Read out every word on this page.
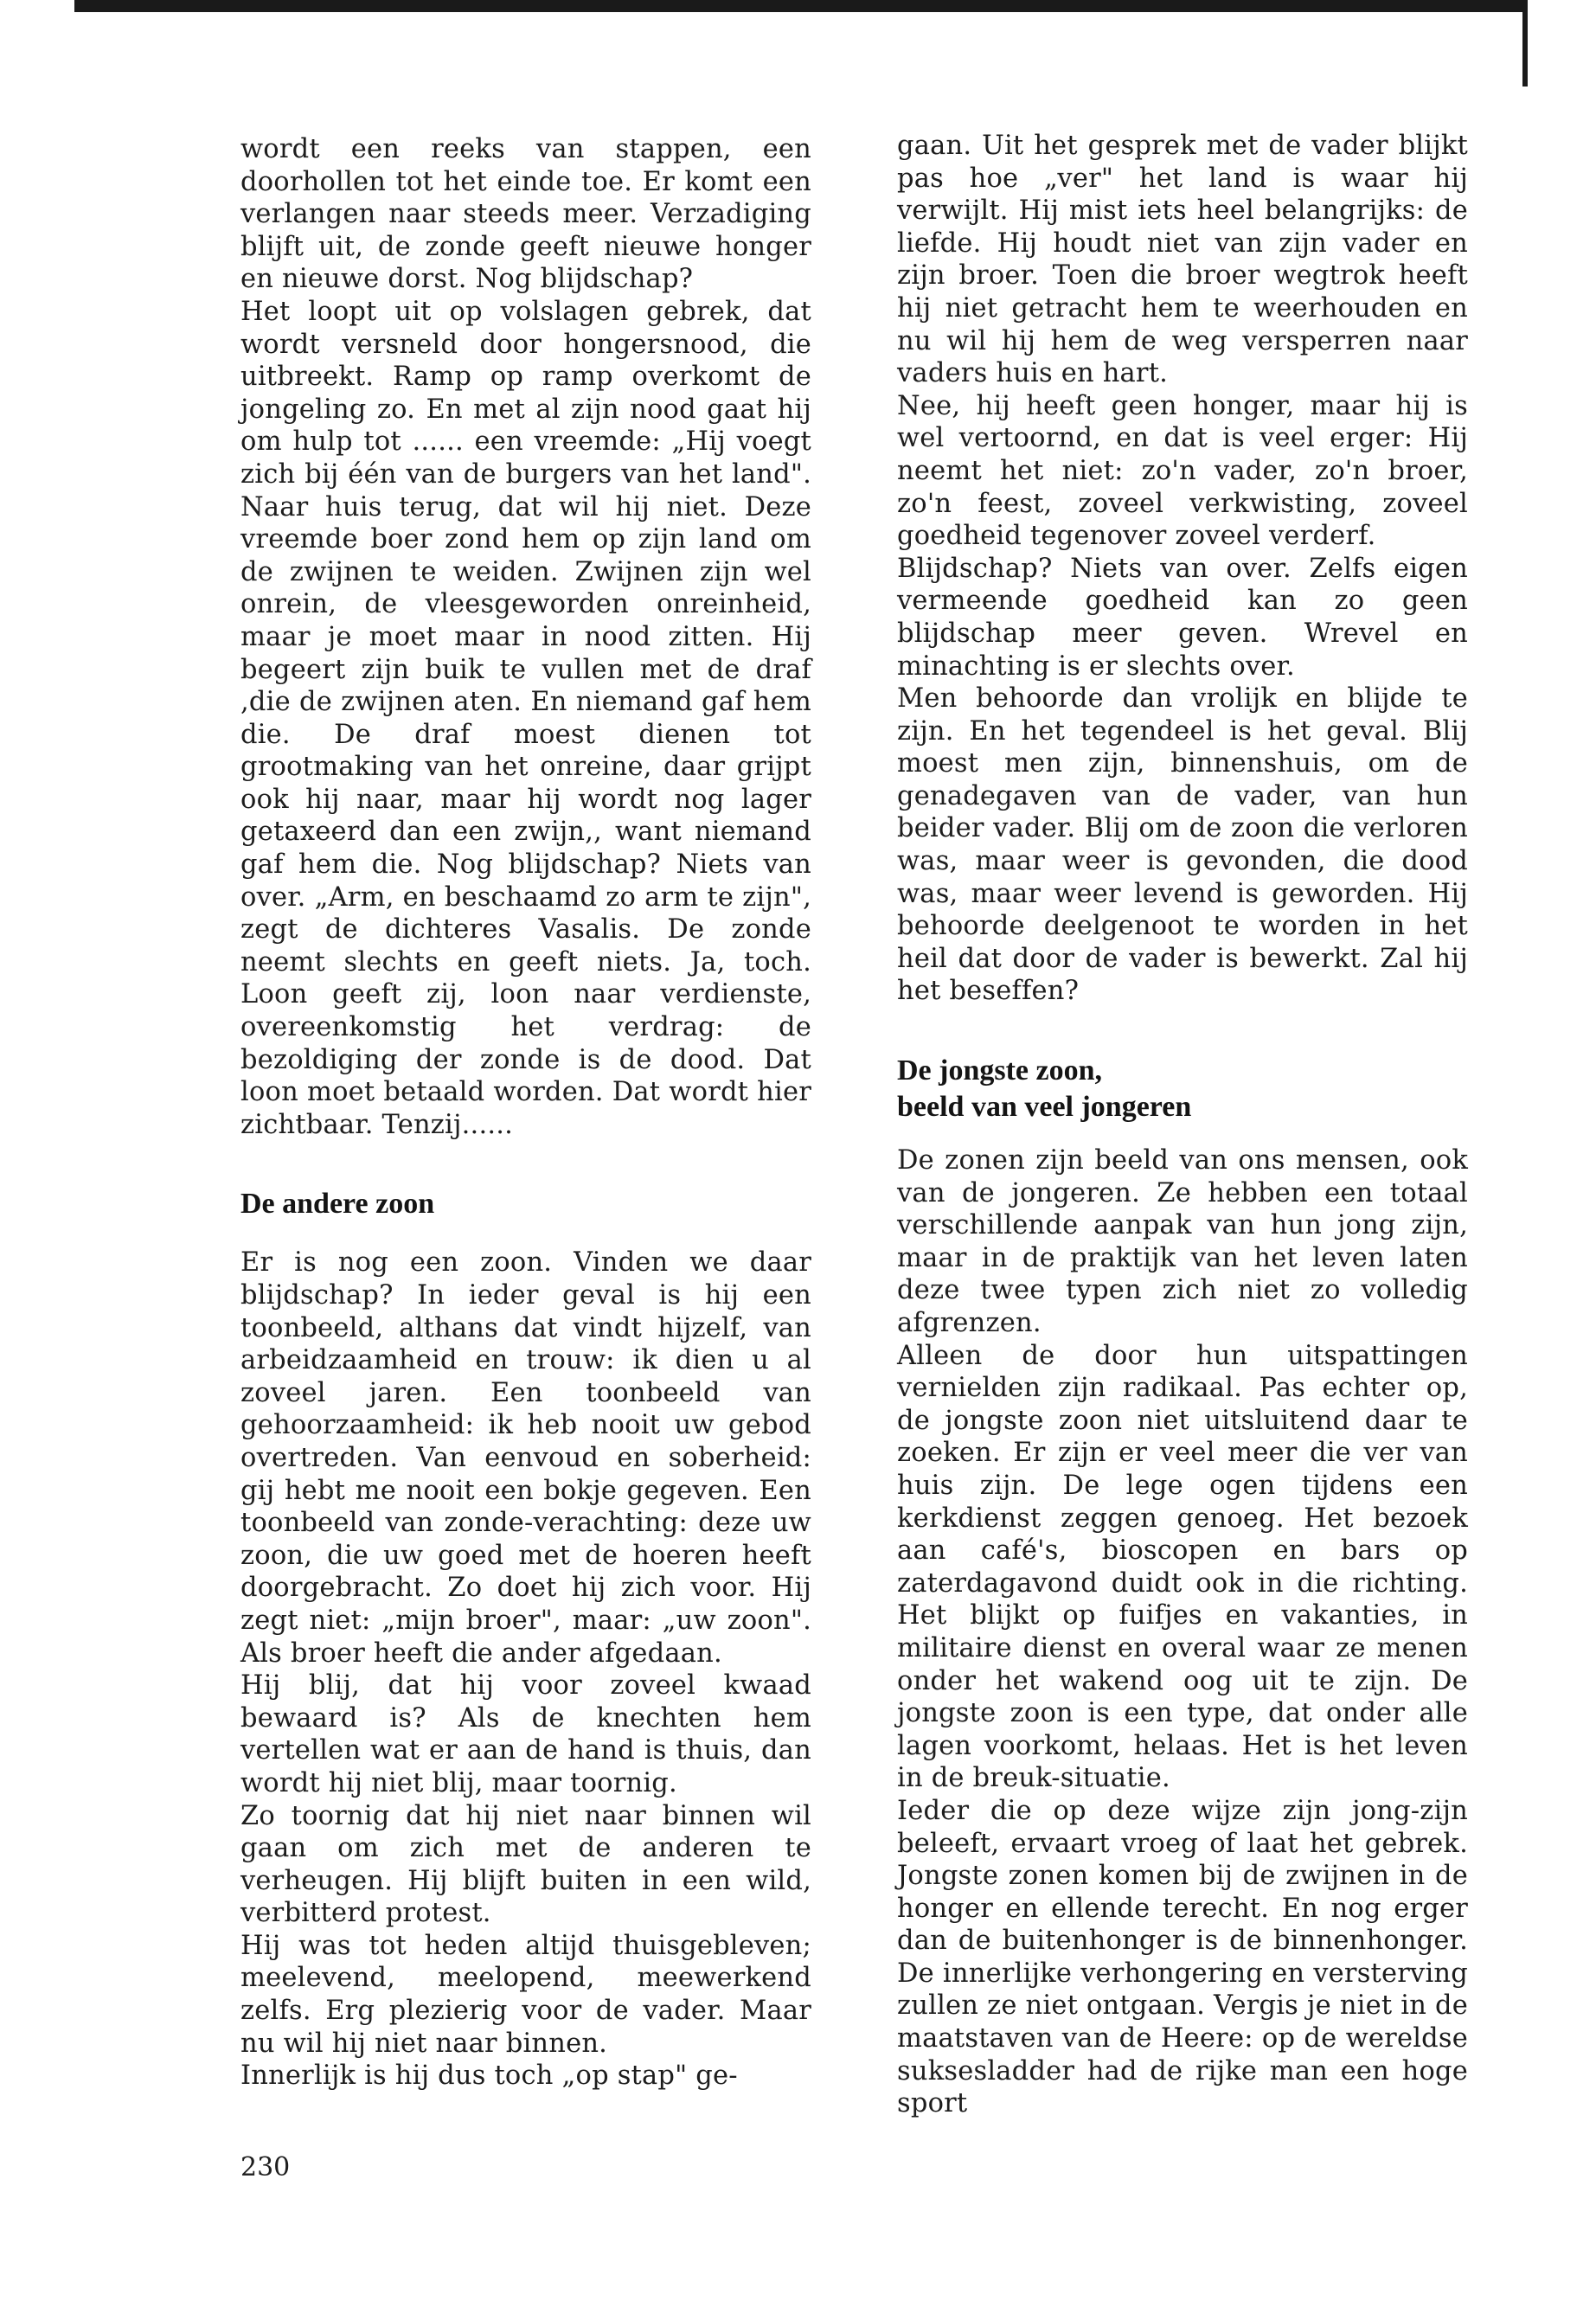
wordt een reeks van stappen, een doorhollen tot het einde toe. Er komt een verlangen naar steeds meer. Verzadiging blijft uit, de zonde geeft nieuwe honger en nieuwe dorst. Nog blijdschap?

Het loopt uit op volslagen gebrek, dat wordt versneld door hongersnood, die uitbreekt. Ramp op ramp overkomt de jongeling zo. En met al zijn nood gaat hij om hulp tot ...... een vreemde: „Hij voegt zich bij één van de burgers van het land". Naar huis terug, dat wil hij niet. Deze vreemde boer zond hem op zijn land om de zwijnen te weiden. Zwijnen zijn wel onrein, de vleesgeworden onreinheid, maar je moet maar in nood zitten. Hij begeert zijn buik te vullen met de draf ,die de zwijnen aten. En niemand gaf hem die. De draf moest dienen tot grootmaking van het onreine, daar grijpt ook hij naar, maar hij wordt nog lager getaxeerd dan een zwijn,, want niemand gaf hem die. Nog blijdschap? Niets van over. „Arm, en beschaamd zo arm te zijn", zegt de dichteres Vasalis. De zonde neemt slechts en geeft niets. Ja, toch. Loon geeft zij, loon naar verdienste, overeenkomstig het verdrag: de bezoldiging der zonde is de dood. Dat loon moet betaald worden. Dat wordt hier zichtbaar. Tenzij......

De andere zoon

Er is nog een zoon. Vinden we daar blijdschap? In ieder geval is hij een toonbeeld, althans dat vindt hijzelf, van arbeidzaamheid en trouw: ik dien u al zoveel jaren. Een toonbeeld van gehoorzaamheid: ik heb nooit uw gebod overtreden. Van eenvoud en soberheid: gij hebt me nooit een bokje gegeven. Een toonbeeld van zonde-verachting: deze uw zoon, die uw goed met de hoeren heeft doorgebracht. Zo doet hij zich voor. Hij zegt niet: „mijn broer", maar: „uw zoon". Als broer heeft die ander afgedaan.

Hij blij, dat hij voor zoveel kwaad bewaard is? Als de knechten hem vertellen wat er aan de hand is thuis, dan wordt hij niet blij, maar toornig.

Zo toornig dat hij niet naar binnen wil gaan om zich met de anderen te verheugen. Hij blijft buiten in een wild, verbitterd protest.

Hij was tot heden altijd thuisgebleven; meelevend, meelopend, meewerkend zelfs. Erg plezierig voor de vader. Maar nu wil hij niet naar binnen.

Innerlijk is hij dus toch „op stap" ge-

gaan. Uit het gesprek met de vader blijkt pas hoe „ver" het land is waar hij verwijlt. Hij mist iets heel belangrijks: de liefde. Hij houdt niet van zijn vader en zijn broer. Toen die broer wegtrok heeft hij niet getracht hem te weerhouden en nu wil hij hem de weg versperren naar vaders huis en hart.

Nee, hij heeft geen honger, maar hij is wel vertoornd, en dat is veel erger: Hij neemt het niet: zo'n vader, zo'n broer, zo'n feest, zoveel verkwisting, zoveel goedheid tegenover zoveel verderf.

Blijdschap? Niets van over. Zelfs eigen vermeende goedheid kan zo geen blijdschap meer geven. Wrevel en minachting is er slechts over.

Men behoorde dan vrolijk en blijde te zijn. En het tegendeel is het geval. Blij moest men zijn, binnenshuis, om de genadegaven van de vader, van hun beider vader. Blij om de zoon die verloren was, maar weer is gevonden, die dood was, maar weer levend is geworden. Hij behoorde deelgenoot te worden in het heil dat door de vader is bewerkt. Zal hij het beseffen?

De jongste zoon,
beeld van veel jongeren

De zonen zijn beeld van ons mensen, ook van de jongeren. Ze hebben een totaal verschillende aanpak van hun jong zijn, maar in de praktijk van het leven laten deze twee typen zich niet zo volledig afgrenzen.

Alleen de door hun uitspattingen vernielden zijn radikaal. Pas echter op, de jongste zoon niet uitsluitend daar te zoeken. Er zijn er veel meer die ver van huis zijn. De lege ogen tijdens een kerkdienst zeggen genoeg. Het bezoek aan café's, bioscopen en bars op zaterdagavond duidt ook in die richting. Het blijkt op fuifjes en vakanties, in militaire dienst en overal waar ze menen onder het wakend oog uit te zijn. De jongste zoon is een type, dat onder alle lagen voorkomt, helaas. Het is het leven in de breuk-situatie.

Ieder die op deze wijze zijn jong-zijn beleeft, ervaart vroeg of laat het gebrek. Jongste zonen komen bij de zwijnen in de honger en ellende terecht. En nog erger dan de buitenhonger is de binnenhonger. De innerlijke verhongering en versterving zullen ze niet ontgaan. Vergis je niet in de maatstaven van de Heere: op de wereldse suksesladder had de rijke man een hoge sport

230
